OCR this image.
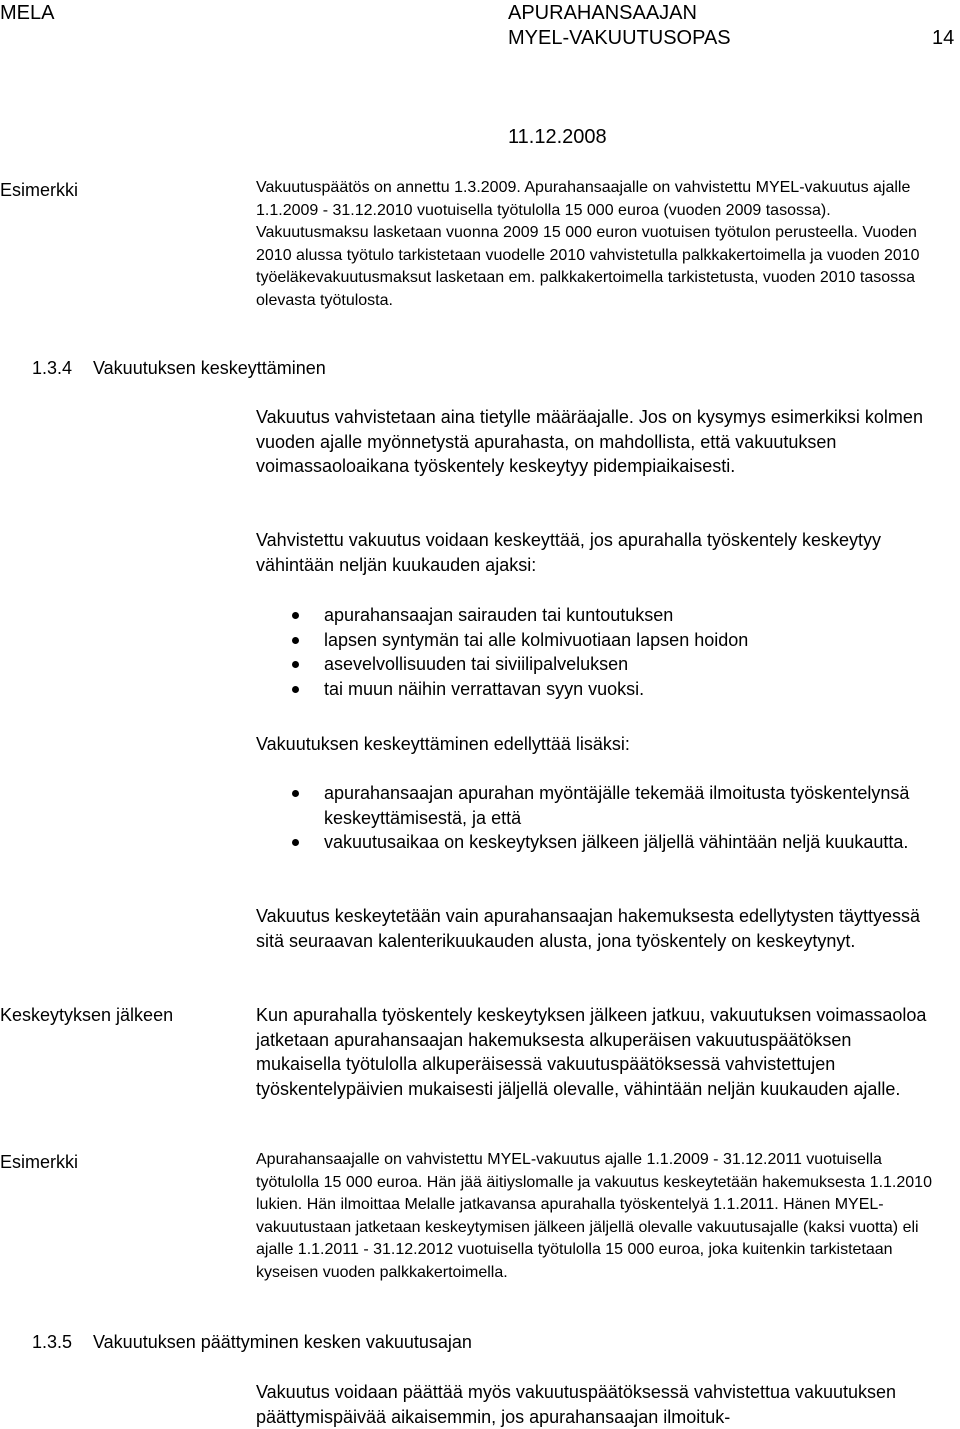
MELA	APURAHANSAAJAN
MYEL-VAKUUTUSOPAS	14
11.12.2008
Esimerkki	Vakuutuspäätös on annettu 1.3.2009. Apurahansaajalle on vahvistettu MYEL-vakuutus ajalle 1.1.2009 - 31.12.2010 vuotuisella työtulolla 15 000 euroa (vuoden 2009 tasossa). Vakuutusmaksu lasketaan vuonna 2009 15 000 euron vuotuisen työtulon perusteella. Vuoden 2010 alussa työtulo tarkistetaan vuodelle 2010 vahvistetulla palkkakertoimella ja vuoden 2010 työeläkevakuutusmaksut lasketaan em. palkkakertoimella tarkistetusta, vuoden 2010 tasossa olevasta työtulosta.

1.3.4 Vakuutuksen keskeyttäminen

Vakuutus vahvistetaan aina tietylle määräajalle. Jos on kysymys esimerkiksi kolmen vuoden ajalle myönnetystä apurahasta, on mahdollista, että vakuutuksen voimassaoloaikana työskentely keskeytyy pidempiaikaisesti.

Vahvistettu vakuutus voidaan keskeyttää, jos apurahalla työskentely keskeytyy vähintään neljän kuukauden ajaksi:

apurahansaajan sairauden tai kuntoutuksen
lapsen syntymän tai alle kolmivuotiaan lapsen hoidon
asevelvollisuuden tai siviilipalveluksen
tai muun näihin verrattavan syyn vuoksi.

Vakuutuksen keskeyttäminen edellyttää lisäksi:

apurahansaajan apurahan myöntäjälle tekemää ilmoitusta työskentelynsä keskeyttämisestä, ja että
vakuutusaikaa on keskeytyksen jälkeen jäljellä vähintään neljä kuukautta.

Vakuutus keskeytetään vain apurahansaajan hakemuksesta edellytysten täyttyessä sitä seuraavan kalenterikuukauden alusta, jona työskentely on keskeytynyt.

Keskeytyksen jälkeen	Kun apurahalla työskentely keskeytyksen jälkeen jatkuu, vakuutuksen voimassaoloa jatketaan apurahansaajan hakemuksesta alkuperäisen vakuutuspäätöksen mukaisella työtulolla alkuperäisessä vakuutuspäätöksessä vahvistettujen työskentelypäivien mukaisesti jäljellä olevalle, vähintään neljän kuukauden ajalle.

Esimerkki	Apurahansaajalle on vahvistettu MYEL-vakuutus ajalle 1.1.2009 - 31.12.2011 vuotuisella työtulolla 15 000 euroa. Hän jää äitiyslomalle ja vakuutus keskeytetään hakemuksesta 1.1.2010 lukien. Hän ilmoittaa Melalle jatkavansa apurahalla työskentelyä 1.1.2011. Hänen MYEL-vakuutustaan jatketaan keskeytymisen jälkeen jäljellä olevalle vakuutusajalle (kaksi vuotta) eli ajalle 1.1.2011 - 31.12.2012 vuotuisella työtulolla 15 000 euroa, joka kuitenkin tarkistetaan kyseisen vuoden palkkakertoimella.

1.3.5 Vakuutuksen päättyminen kesken vakuutusajan

Vakuutus voidaan päättää myös vakuutuspäätöksessä vahvistettua vakuutuksen päättymispäivää aikaisemmin, jos apurahansaajan ilmoituk-
